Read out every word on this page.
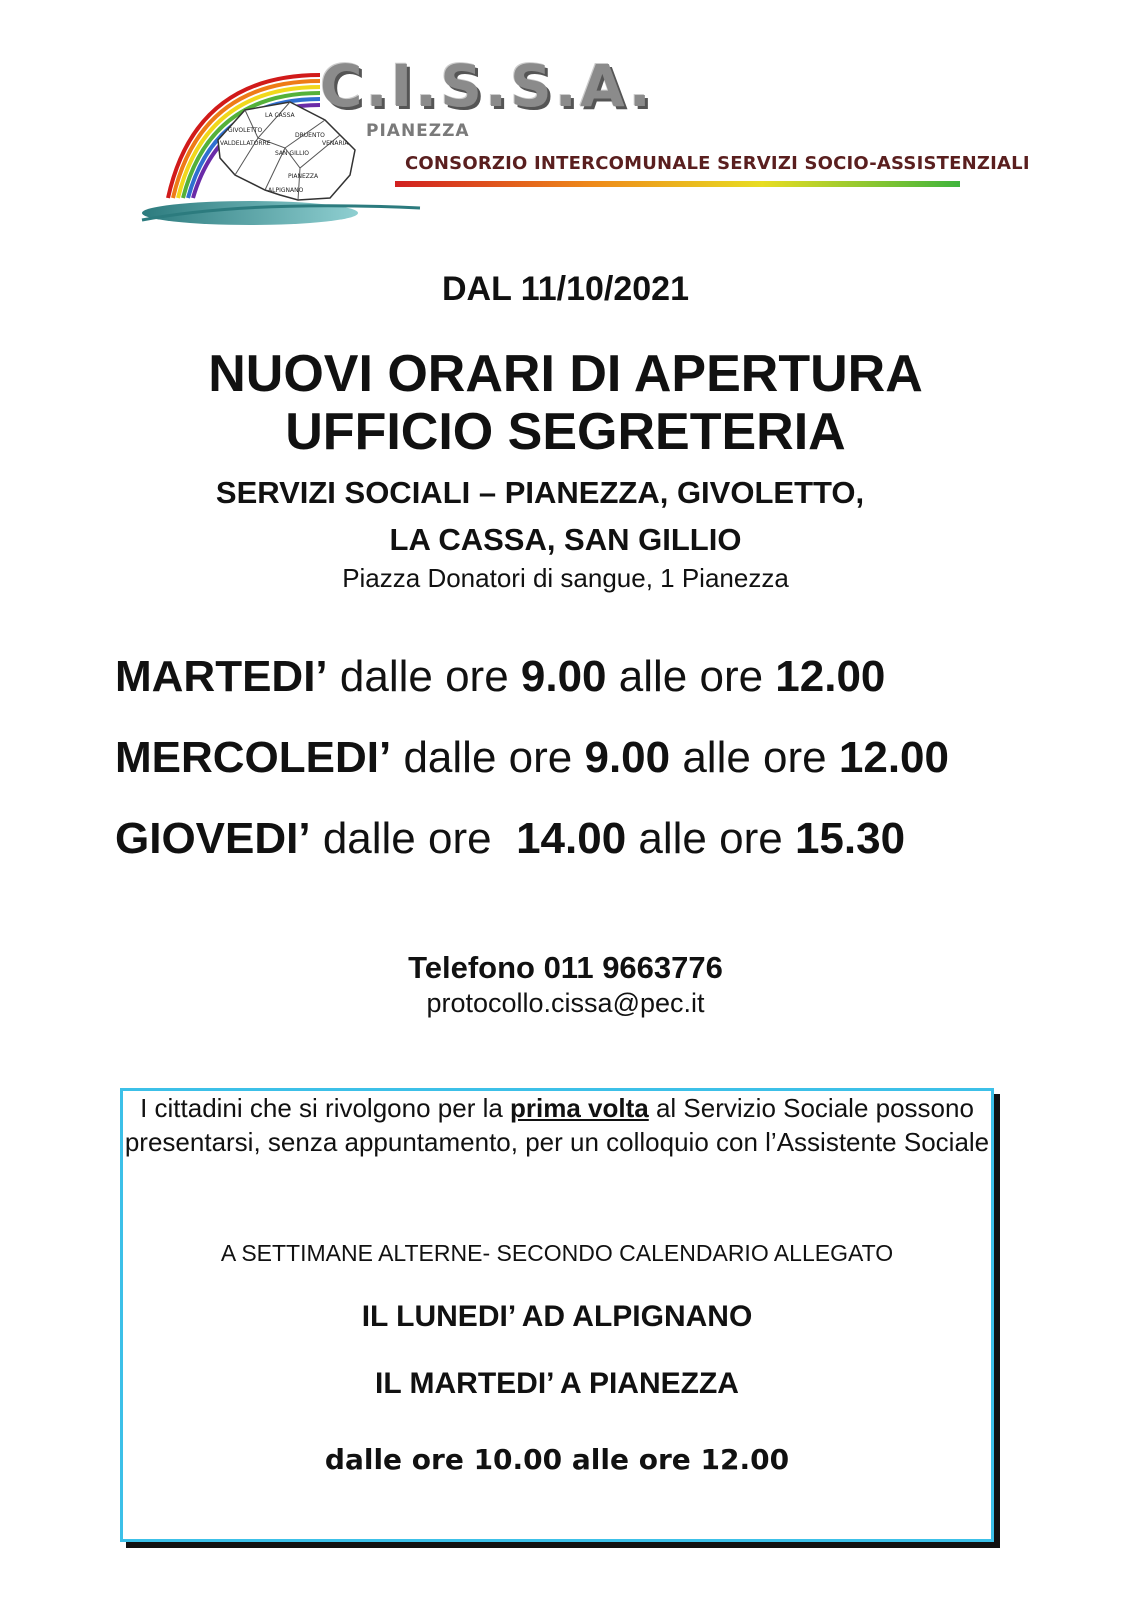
LA CASSA
GIVOLETTO
DRUENTO
VALDELLATORRE
SAN GILLIO
VENARIA
PIANEZZA
ALPIGNANO
C.I.S.S.A.
PIANEZZA
CONSORZIO INTERCOMUNALE SERVIZI SOCIO-ASSISTENZIALI
DAL 11/10/2021
NUOVI ORARI DI APERTURA
UFFICIO SEGRETERIA
SERVIZI SOCIALI – PIANEZZA, GIVOLETTO,
LA CASSA, SAN GILLIO
Piazza Donatori di sangue, 1 Pianezza
MARTEDI’ dalle ore 9.00 alle ore 12.00
MERCOLEDI’ dalle ore 9.00 alle ore 12.00
GIOVEDI’ dalle ore  14.00 alle ore 15.30
Telefono 011 9663776
protocollo.cissa@pec.it
I cittadini che si rivolgono per la prima volta al Servizio Sociale possono presentarsi, senza appuntamento, per un colloquio con l’Assistente Sociale
A SETTIMANE ALTERNE- SECONDO CALENDARIO ALLEGATO
IL LUNEDI’ AD ALPIGNANO
IL MARTEDI’ A PIANEZZA
dalle ore 10.00 alle ore 12.00
